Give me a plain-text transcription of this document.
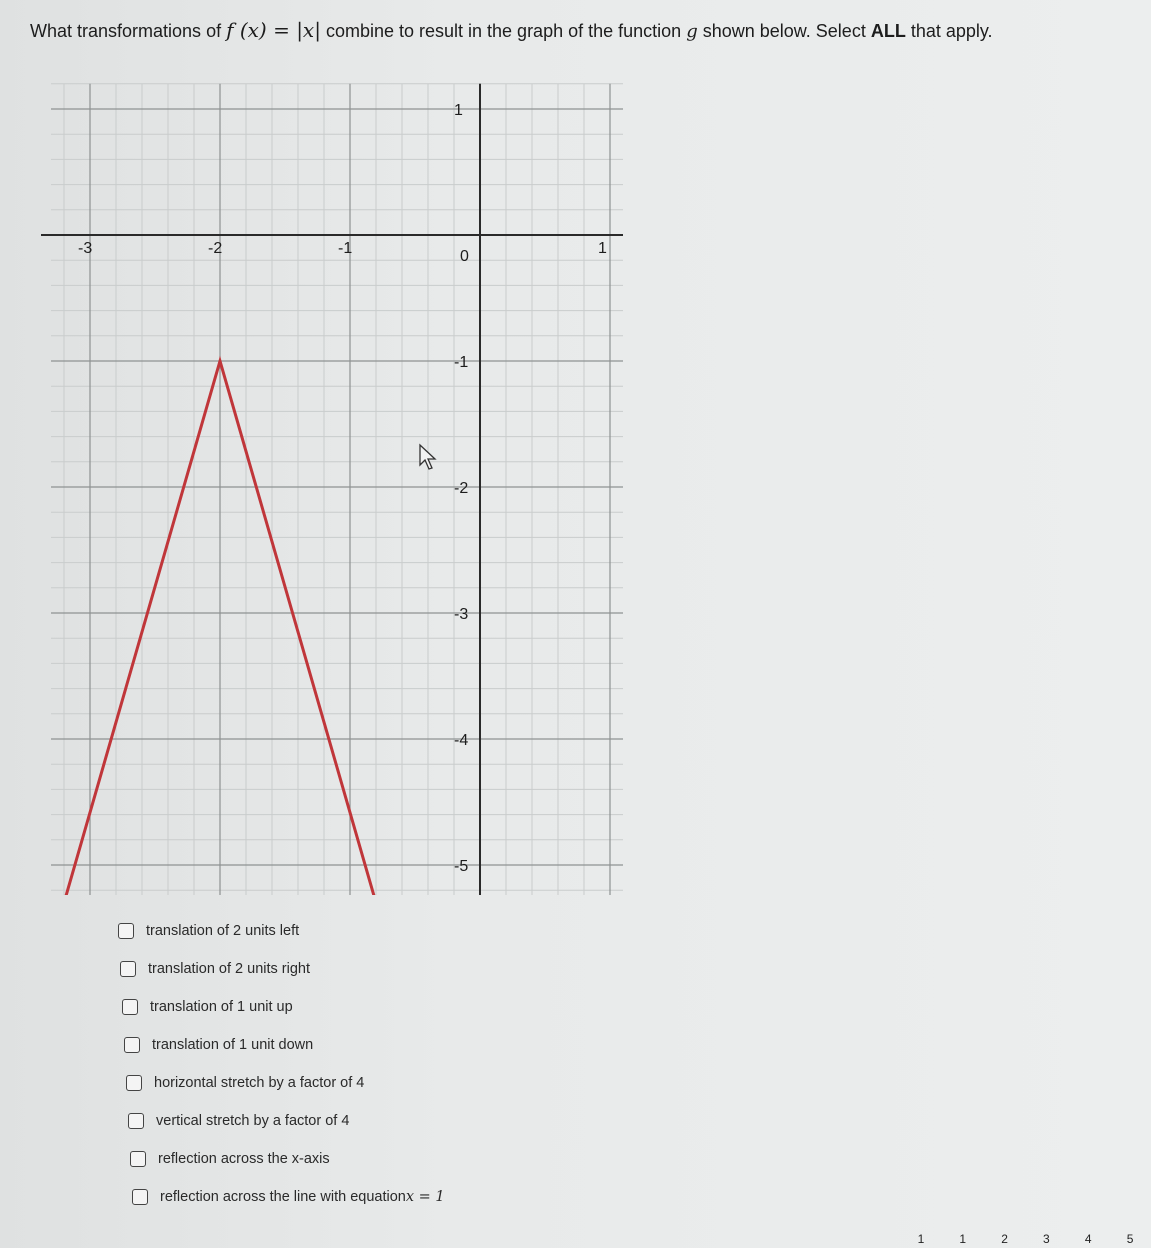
What transformations of f (x) = |x| combine to result in the graph of the function g shown below. Select ALL that apply.
-3	-2	-1	0	1
1
-1
-2
-3
-4
-5
translation of 2 units left
translation of 2 units right
translation of 1 unit up
translation of 1 unit down
horizontal stretch by a factor of 4
vertical stretch by a factor of 4
reflection across the x-axis
reflection across the line with equation x = 1
1	1	2	3	4	5
